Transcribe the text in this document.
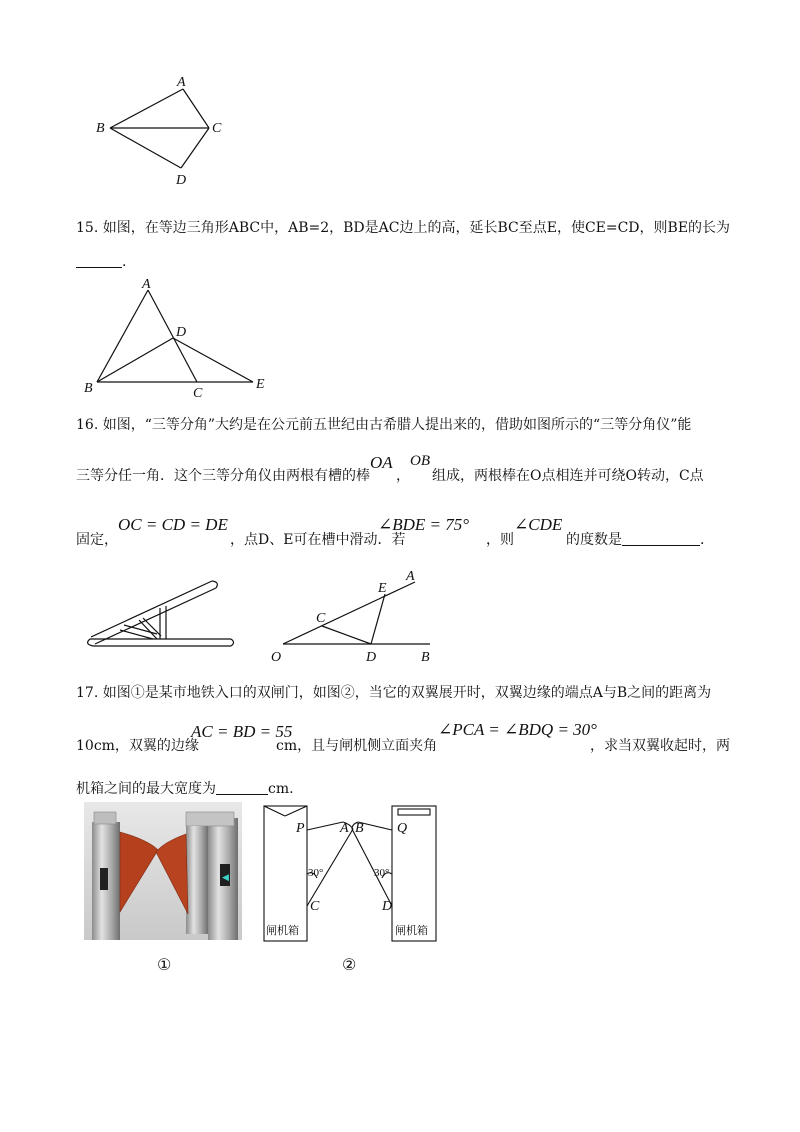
A
B	C
D
15. 如图，在等边三角形ABC中，AB=2，BD是AC边上的高，延长BC至点E，使CE=CD，则BE的长为
.
A
B	C
D
E
16. 如图，“三等分角”大约是在公元前五世纪由古希腊人提出来的，借助如图所示的“三等分角仪”能
三等分任一角．这个三等分角仪由两根有槽的棒
OA
，
OB
组成，两根棒在O点相连并可绕O转动，C点
固定，
OC = CD = DE
，点D、E可在槽中滑动．若
∠BDE = 75°
，则
∠CDE
的度数是	.
O
C
D
E
A
B
17. 如图①是某市地铁入口的双闸门，如图②，当它的双翼展开时，双翼边缘的端点A与B之间的距离为
10cm，双翼的边缘
AC = BD = 55
cm，且与闸机侧立面夹角
∠PCA = ∠BDQ = 30°
，求当双翼收起时，两
机箱之间的最大宽度为	cm.
◀
①
P	A B Q
C	D
30°	30°
闸机箱	闸机箱
②
